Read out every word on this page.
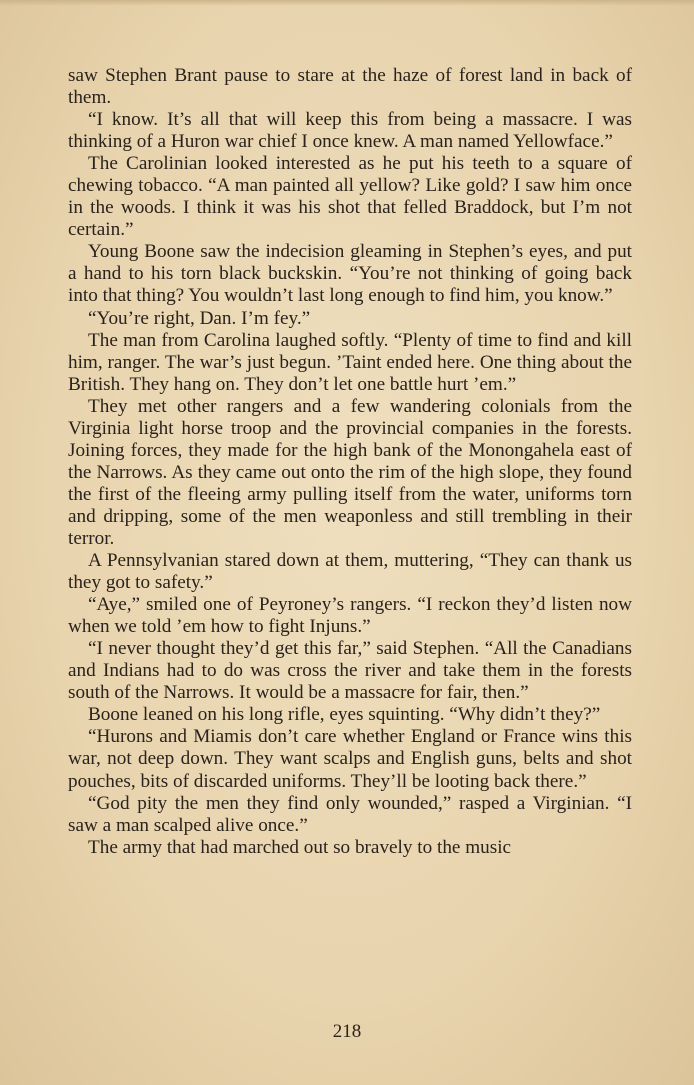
saw Stephen Brant pause to stare at the haze of forest land in back of them.

“I know. It’s all that will keep this from being a massacre. I was thinking of a Huron war chief I once knew. A man named Yellowface.”

The Carolinian looked interested as he put his teeth to a square of chewing tobacco. “A man painted all yellow? Like gold? I saw him once in the woods. I think it was his shot that felled Braddock, but I’m not certain.”

Young Boone saw the indecision gleaming in Stephen’s eyes, and put a hand to his torn black buckskin. “You’re not thinking of going back into that thing? You wouldn’t last long enough to find him, you know.”

“You’re right, Dan. I’m fey.”

The man from Carolina laughed softly. “Plenty of time to find and kill him, ranger. The war’s just begun. ’Taint ended here. One thing about the British. They hang on. They don’t let one battle hurt ’em.”

They met other rangers and a few wandering colonials from the Virginia light horse troop and the provincial companies in the forests. Joining forces, they made for the high bank of the Monongahela east of the Narrows. As they came out onto the rim of the high slope, they found the first of the fleeing army pulling itself from the water, uniforms torn and dripping, some of the men weaponless and still trembling in their terror.

A Pennsylvanian stared down at them, muttering, “They can thank us they got to safety.”

“Aye,” smiled one of Peyroney’s rangers. “I reckon they’d listen now when we told ’em how to fight Injuns.”

“I never thought they’d get this far,” said Stephen. “All the Canadians and Indians had to do was cross the river and take them in the forests south of the Narrows. It would be a massacre for fair, then.”

Boone leaned on his long rifle, eyes squinting. “Why didn’t they?”

“Hurons and Miamis don’t care whether England or France wins this war, not deep down. They want scalps and English guns, belts and shot pouches, bits of discarded uniforms. They’ll be looting back there.”

“God pity the men they find only wounded,” rasped a Virginian. “I saw a man scalped alive once.”

The army that had marched out so bravely to the music

218
